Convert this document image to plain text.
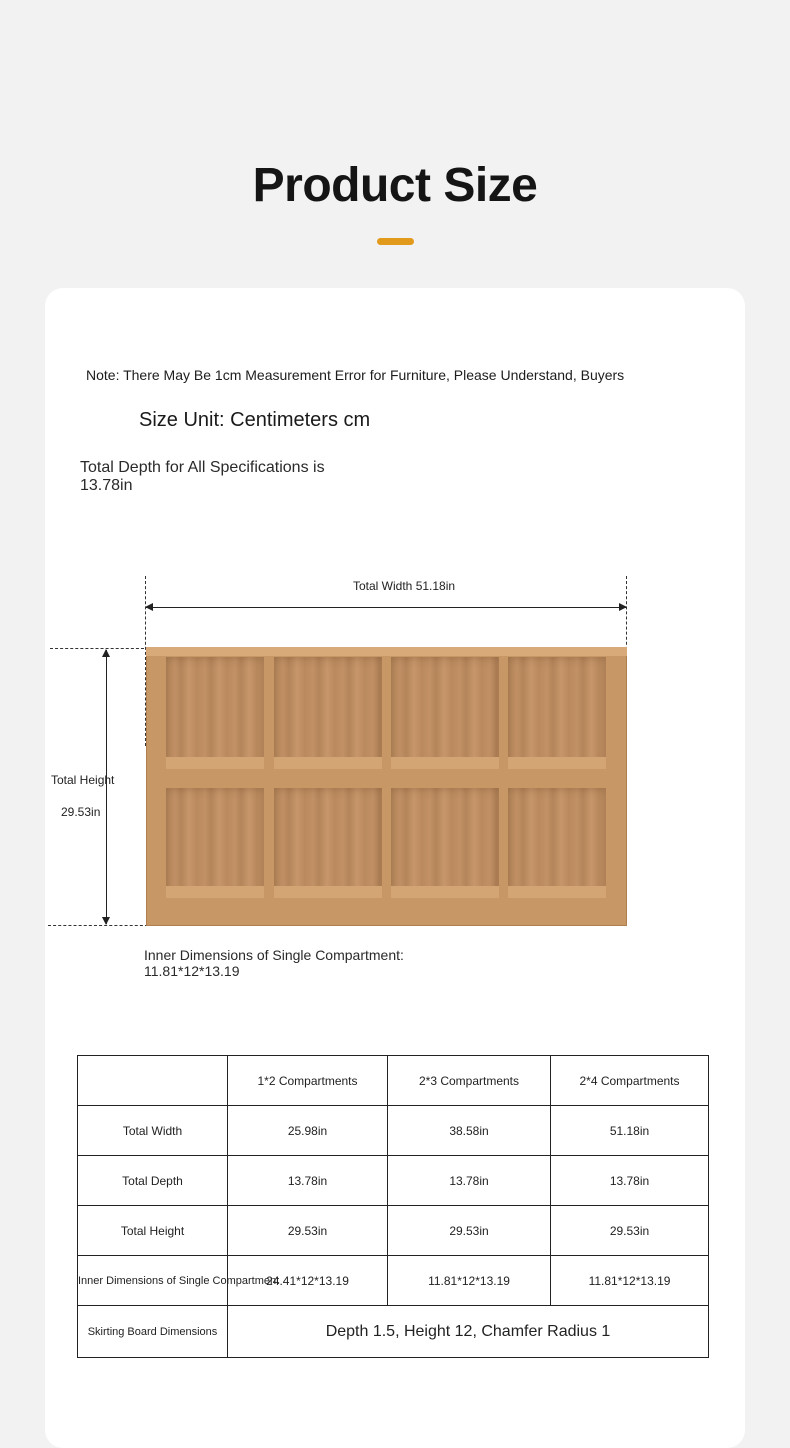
Product Size
Note: There May Be 1cm Measurement Error for Furniture, Please Understand, Buyers
Size Unit: Centimeters cm
Total Depth for All Specifications is 13.78in
Total Width 51.18in
Total Height
29.53in
Inner Dimensions of Single Compartment: 11.81*12*13.19
	1*2 Compartments	2*3 Compartments	2*4 Compartments
Total Width	25.98in	38.58in	51.18in
Total Depth	13.78in	13.78in	13.78in
Total Height	29.53in	29.53in	29.53in
Inner Dimensions of Single Compartment	24.41*12*13.19	11.81*12*13.19	11.81*12*13.19
Skirting Board Dimensions	Depth 1.5, Height 12, Chamfer Radius 1		
